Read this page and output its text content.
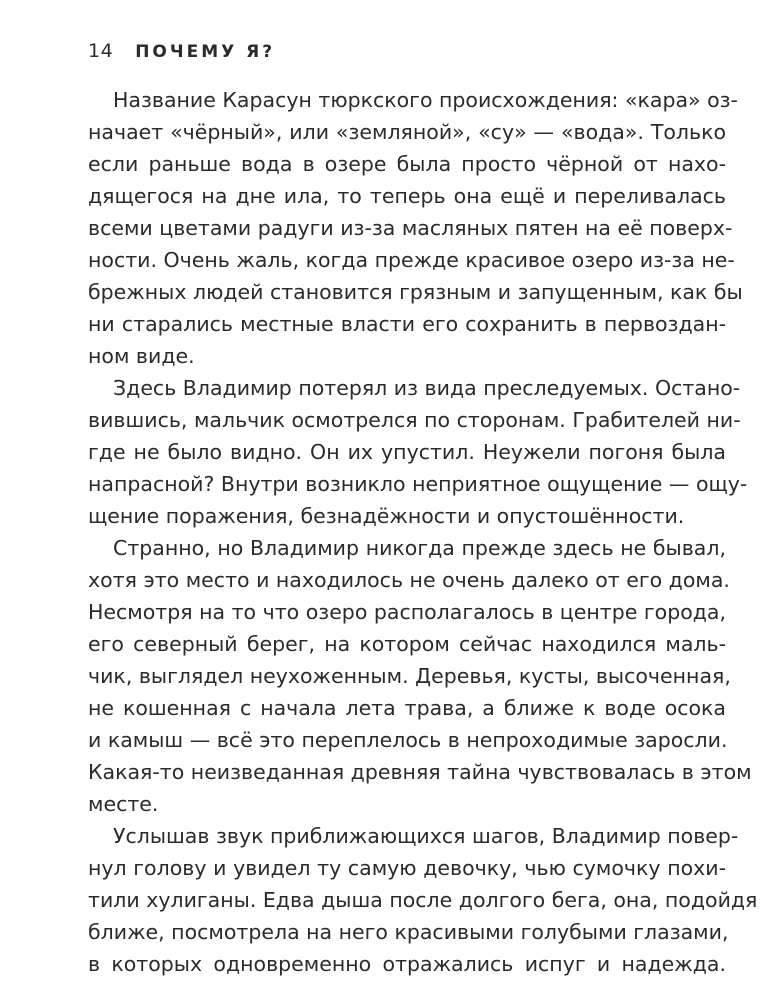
14 ПОЧЕМУ Я?
Название Карасун тюркского происхождения: «кара» оз-
начает «чёрный», или «земляной», «су» — «вода». Только
если раньше вода в озере была просто чёрной от нахо-
дящегося на дне ила, то теперь она ещё и переливалась
всеми цветами радуги из-за масляных пятен на её поверх-
ности. Очень жаль, когда прежде красивое озеро из-за не-
брежных людей становится грязным и запущенным, как бы
ни старались местные власти его сохранить в первоздан-
ном виде.
Здесь Владимир потерял из вида преследуемых. Остано-
вившись, мальчик осмотрелся по сторонам. Грабителей ни-
где не было видно. Он их упустил. Неужели погоня была
напрасной? Внутри возникло неприятное ощущение — ощу-
щение поражения, безнадёжности и опустошённости.
Странно, но Владимир никогда прежде здесь не бывал,
хотя это место и находилось не очень далеко от его дома.
Несмотря на то что озеро располагалось в центре города,
его северный берег, на котором сейчас находился маль-
чик, выглядел неухоженным. Деревья, кусты, высоченная,
не кошенная с начала лета трава, а ближе к воде осока
и камыш — всё это переплелось в непроходимые заросли.
Какая-то неизведанная древняя тайна чувствовалась в этом
месте.
Услышав звук приближающихся шагов, Владимир повер-
нул голову и увидел ту самую девочку, чью сумочку похи-
тили хулиганы. Едва дыша после долгого бега, она, подойдя
ближе, посмотрела на него красивыми голубыми глазами,
в которых одновременно отражались испуг и надежда.
